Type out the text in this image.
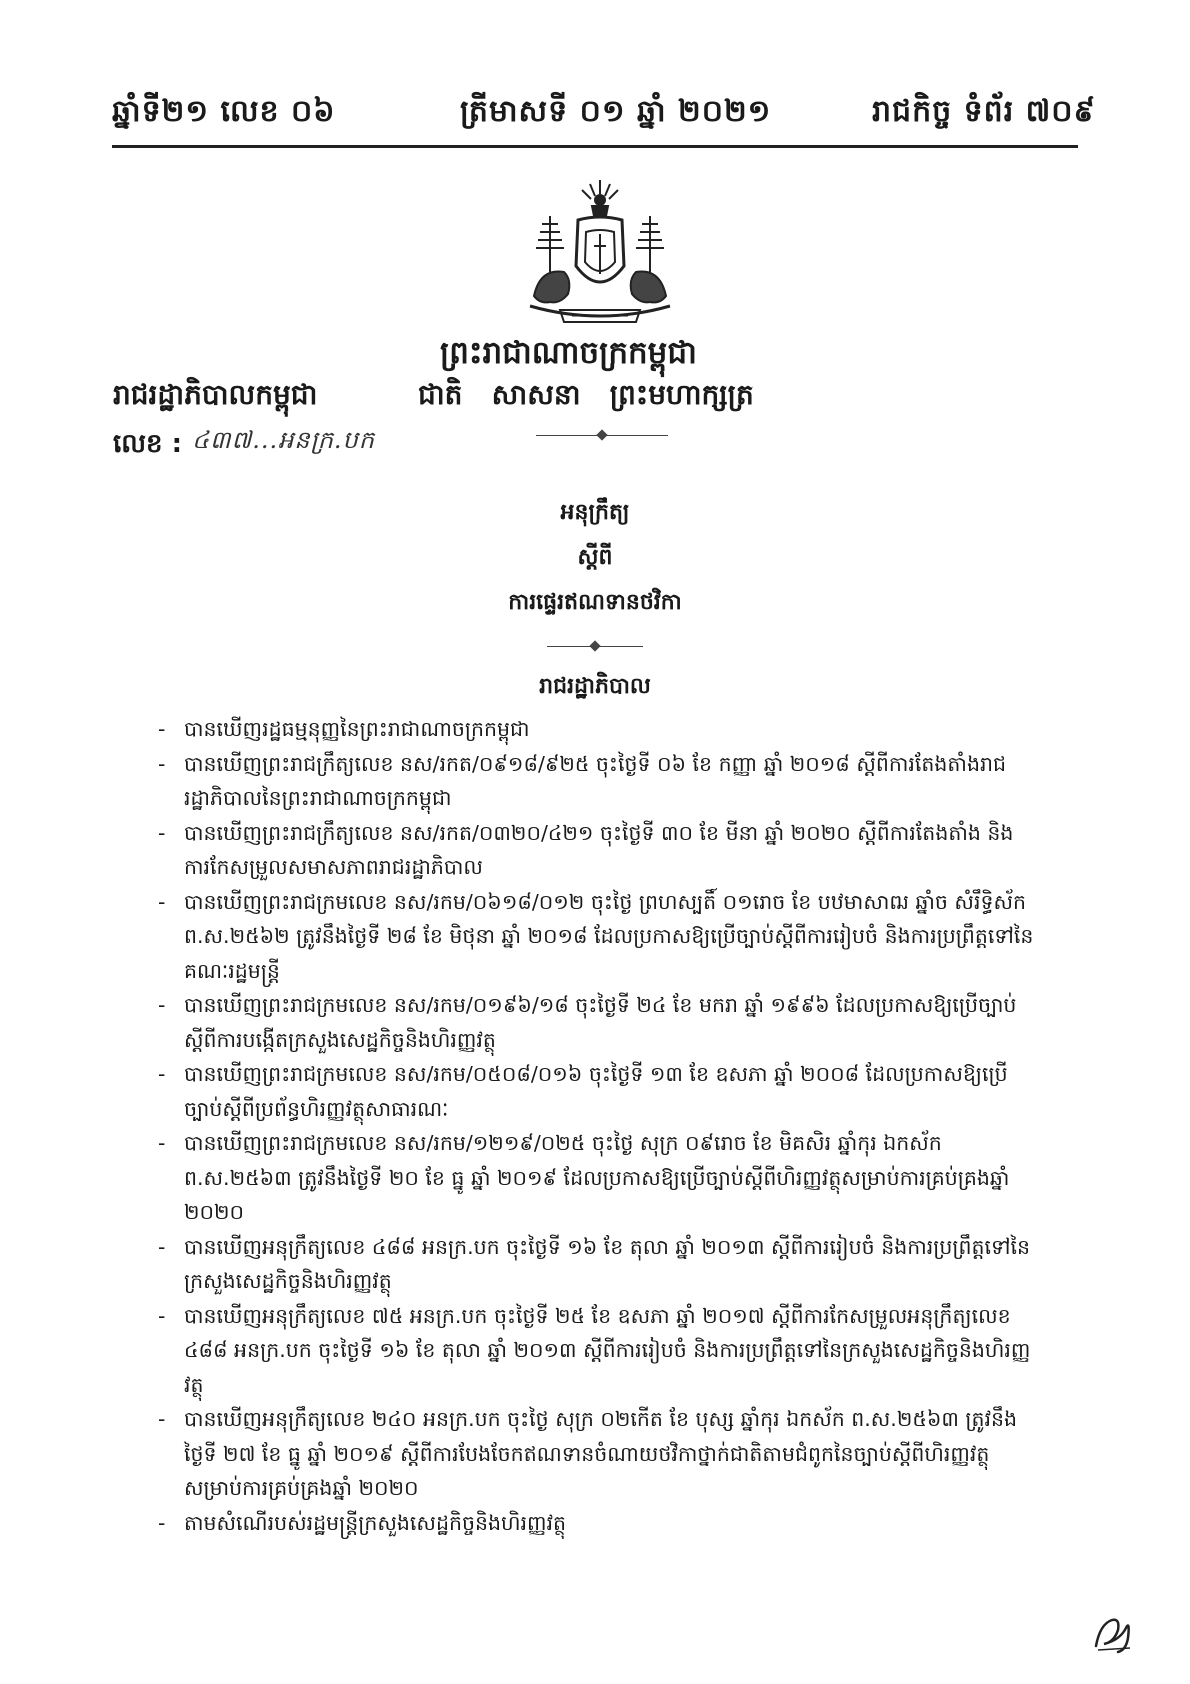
ឆ្នាំទី២១ លេខ ០៦	ត្រីមាសទី ០១ ឆ្នាំ ២០២១	រាជកិច្ច ទំព័រ ៧០៩
ព្រះរាជាណាចក្រកម្ពុជា
រាជរដ្ឋាភិបាលកម្ពុជា	ជាតិ   សាសនា   ព្រះមហាក្សត្រ
លេខ : ៤៣៧...អនក្រ.បក
អនុក្រឹត្យ
ស្ដីពី
ការផ្ទេរឥណទានថវិកា
រាជរដ្ឋាភិបាល
- បានឃើញរដ្ឋធម្មនុញ្ញនៃព្រះរាជាណាចក្រកម្ពុជា
- បានឃើញព្រះរាជក្រឹត្យលេខ នស/រកត/០៩១៨/៩២៥ ចុះថ្ងៃទី ០៦ ខែ កញ្ញា ឆ្នាំ ២០១៨ ស្ដីពីការតែងតាំងរាជរដ្ឋាភិបាលនៃព្រះរាជាណាចក្រកម្ពុជា
- បានឃើញព្រះរាជក្រឹត្យលេខ នស/រកត/០៣២០/៤២១ ចុះថ្ងៃទី ៣០ ខែ មីនា ឆ្នាំ ២០២០ ស្ដីពីការតែងតាំង និងការកែសម្រួលសមាសភាពរាជរដ្ឋាភិបាល
- បានឃើញព្រះរាជក្រមលេខ នស/រកម/០៦១៨/០១២ ចុះថ្ងៃ ព្រហស្បតិ៍ ០១រោច ខែ បឋមាសាឍ ឆ្នាំច សំរឹទ្ធិស័ក ព.ស.២៥៦២ ត្រូវនឹងថ្ងៃទី ២៨ ខែ មិថុនា ឆ្នាំ ២០១៨ ដែលប្រកាសឱ្យប្រើច្បាប់ស្ដីពីការរៀបចំ និងការប្រព្រឹត្តទៅនៃគណៈរដ្ឋមន្ត្រី
- បានឃើញព្រះរាជក្រមលេខ នស/រកម/០១៩៦/១៨ ចុះថ្ងៃទី ២៤ ខែ មករា ឆ្នាំ ១៩៩៦ ដែលប្រកាសឱ្យប្រើច្បាប់ស្ដីពីការបង្កើតក្រសួងសេដ្ឋកិច្ចនិងហិរញ្ញវត្ថុ
- បានឃើញព្រះរាជក្រមលេខ នស/រកម/០៥០៨/០១៦ ចុះថ្ងៃទី ១៣ ខែ ឧសភា ឆ្នាំ ២០០៨ ដែលប្រកាសឱ្យប្រើច្បាប់ស្ដីពីប្រព័ន្ធហិរញ្ញវត្ថុសាធារណៈ
- បានឃើញព្រះរាជក្រមលេខ នស/រកម/១២១៩/០២៥ ចុះថ្ងៃ សុក្រ ០៩រោច ខែ មិគសិរ ឆ្នាំកុរ ឯកស័ក ព.ស.២៥៦៣ ត្រូវនឹងថ្ងៃទី ២០ ខែ ធ្នូ ឆ្នាំ ២០១៩ ដែលប្រកាសឱ្យប្រើច្បាប់ស្ដីពីហិរញ្ញវត្ថុសម្រាប់ការគ្រប់គ្រងឆ្នាំ ២០២០
- បានឃើញអនុក្រឹត្យលេខ ៤៨៨ អនក្រ.បក ចុះថ្ងៃទី ១៦ ខែ តុលា ឆ្នាំ ២០១៣ ស្ដីពីការរៀបចំ និងការប្រព្រឹត្តទៅនៃក្រសួងសេដ្ឋកិច្ចនិងហិរញ្ញវត្ថុ
- បានឃើញអនុក្រឹត្យលេខ ៧៥ អនក្រ.បក ចុះថ្ងៃទី ២៥ ខែ ឧសភា ឆ្នាំ ២០១៧ ស្ដីពីការកែសម្រួលអនុក្រឹត្យលេខ ៤៨៨ អនក្រ.បក ចុះថ្ងៃទី ១៦ ខែ តុលា ឆ្នាំ ២០១៣ ស្ដីពីការរៀបចំ និងការប្រព្រឹត្តទៅនៃក្រសួងសេដ្ឋកិច្ចនិងហិរញ្ញវត្ថុ
- បានឃើញអនុក្រឹត្យលេខ ២៤០ អនក្រ.បក ចុះថ្ងៃ សុក្រ ០២កើត ខែ បុស្ស ឆ្នាំកុរ ឯកស័ក ព.ស.២៥៦៣ ត្រូវនឹងថ្ងៃទី ២៧ ខែ ធ្នូ ឆ្នាំ ២០១៩ ស្ដីពីការបែងចែកឥណទានចំណាយថវិកាថ្នាក់ជាតិតាមជំពូកនៃច្បាប់ស្ដីពីហិរញ្ញវត្ថុសម្រាប់ការគ្រប់គ្រងឆ្នាំ ២០២០
- តាមសំណើរបស់រដ្ឋមន្ត្រីក្រសួងសេដ្ឋកិច្ចនិងហិរញ្ញវត្ថុ
